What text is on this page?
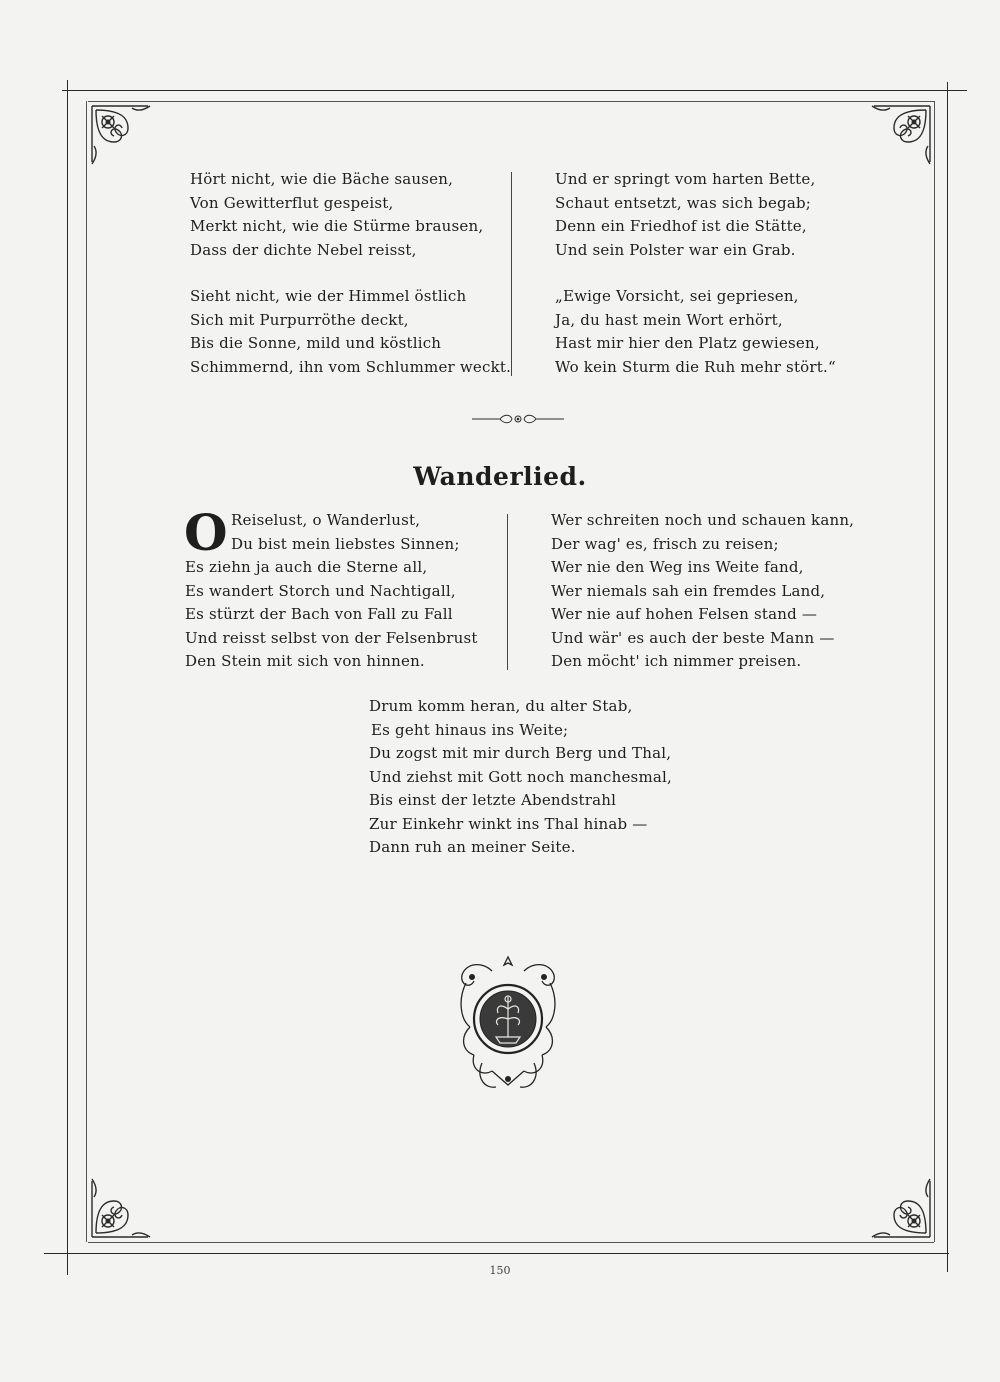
Hört nicht, wie die Bäche sausen,
Von Gewitterflut gespeist,
Merkt nicht, wie die Stürme brausen,
Dass der dichte Nebel reisst,
Sieht nicht, wie der Himmel östlich
Sich mit Purpurröthe deckt,
Bis die Sonne, mild und köstlich
Schimmernd, ihn vom Schlummer weckt.
Und er springt vom harten Bette,
Schaut entsetzt, was sich begab;
Denn ein Friedhof ist die Stätte,
Und sein Polster war ein Grab.
„Ewige Vorsicht, sei gepriesen,
Ja, du hast mein Wort erhört,
Hast mir hier den Platz gewiesen,
Wo kein Sturm die Ruh mehr stört.“
Wanderlied.
O Reiselust, o Wanderlust,
Du bist mein liebstes Sinnen;
Es ziehn ja auch die Sterne all,
Es wandert Storch und Nachtigall,
Es stürzt der Bach von Fall zu Fall
Und reisst selbst von der Felsenbrust
Den Stein mit sich von hinnen.
Wer schreiten noch und schauen kann,
Der wag' es, frisch zu reisen;
Wer nie den Weg ins Weite fand,
Wer niemals sah ein fremdes Land,
Wer nie auf hohen Felsen stand —
Und wär' es auch der beste Mann —
Den möcht' ich nimmer preisen.
Drum komm heran, du alter Stab,
Es geht hinaus ins Weite;
Du zogst mit mir durch Berg und Thal,
Und ziehst mit Gott noch manchesmal,
Bis einst der letzte Abendstrahl
Zur Einkehr winkt ins Thal hinab —
Dann ruh an meiner Seite.
150
